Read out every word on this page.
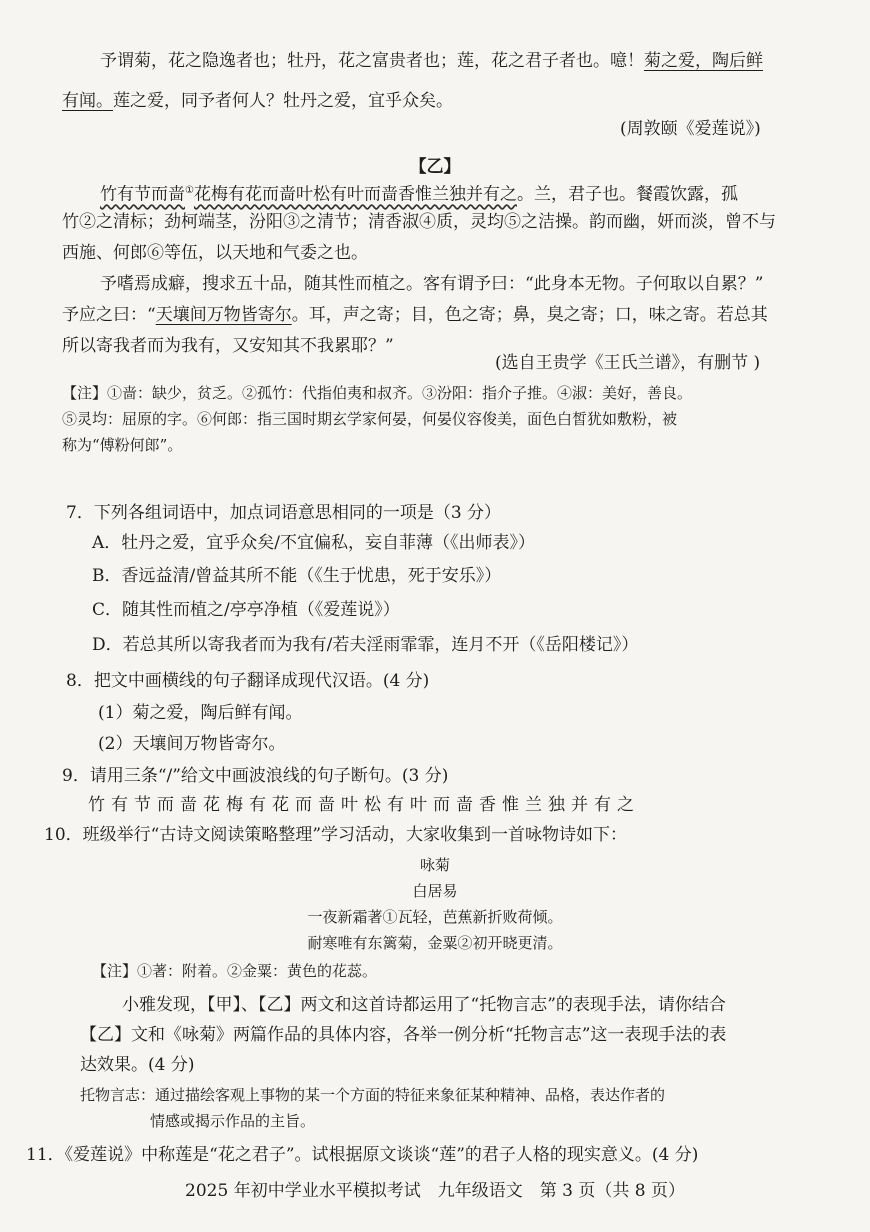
予谓菊，花之隐逸者也；牡丹，花之富贵者也；莲，花之君子者也。噫！菊之爱，陶后鲜
有闻。莲之爱，同予者何人？牡丹之爱，宜乎众矣。
(周敦颐《爱莲说》)
【乙】
竹有节而啬①花梅有花而啬叶松有叶而啬香惟兰独并有之。兰，君子也。餐霞饮露，孤
竹②之清标；劲柯端茎，汾阳③之清节；清香淑④质，灵均⑤之洁操。韵而幽，妍而淡，曾不与
西施、何郎⑥等伍，以天地和气委之也。
予嗜焉成癖，搜求五十品，随其性而植之。客有谓予曰：“此身本无物。子何取以自累？”
予应之曰：“天壤间万物皆寄尔。耳，声之寄；目，色之寄；鼻，臭之寄；口，味之寄。若总其
所以寄我者而为我有，又安知其不我累耶？”
(选自王贵学《王氏兰谱》，有删节 )
【注】①啬：缺少，贫乏。②孤竹：代指伯夷和叔齐。③汾阳：指介子推。④淑：美好，善良。
⑤灵均：屈原的字。⑥何郎：指三国时期玄学家何晏，何晏仪容俊美，面色白皙犹如敷粉，被
称为“傅粉何郎”。
7．下列各组词语中，加点词语意思相同的一项是（3 分）
A．牡丹之爱，宜乎众矣/不宜偏私，妄自菲薄（《出师表》）
B．香远益清/曾益其所不能（《生于忧患，死于安乐》）
C．随其性而植之/亭亭净植（《爱莲说》）
D．若总其所以寄我者而为我有/若夫淫雨霏霏，连月不开（《岳阳楼记》）
8．把文中画横线的句子翻译成现代汉语。(4 分)
(1）菊之爱，陶后鲜有闻。
(2）天壤间万物皆寄尔。
9．请用三条“/”给文中画波浪线的句子断句。(3 分)
竹有节而啬花梅有花而啬叶松有叶而啬香惟兰独并有之
10．班级举行“古诗文阅读策略整理”学习活动，大家收集到一首咏物诗如下：
咏菊
白居易
一夜新霜著①瓦轻，芭蕉新折败荷倾。
耐寒唯有东篱菊，金粟②初开晓更清。
【注】①著：附着。②金粟：黄色的花蕊。
小雅发现，【甲】、【乙】两文和这首诗都运用了“托物言志”的表现手法，请你结合
【乙】文和《咏菊》两篇作品的具体内容，各举一例分析“托物言志”这一表现手法的表
达效果。(4 分)
托物言志：通过描绘客观上事物的某一个方面的特征来象征某种精神、品格，表达作者的
情感或揭示作品的主旨。
11．《爱莲说》中称莲是“花之君子”。试根据原文谈谈“莲”的君子人格的现实意义。(4 分)
2025 年初中学业水平模拟考试　九年级语文　第 3 页（共 8 页）
